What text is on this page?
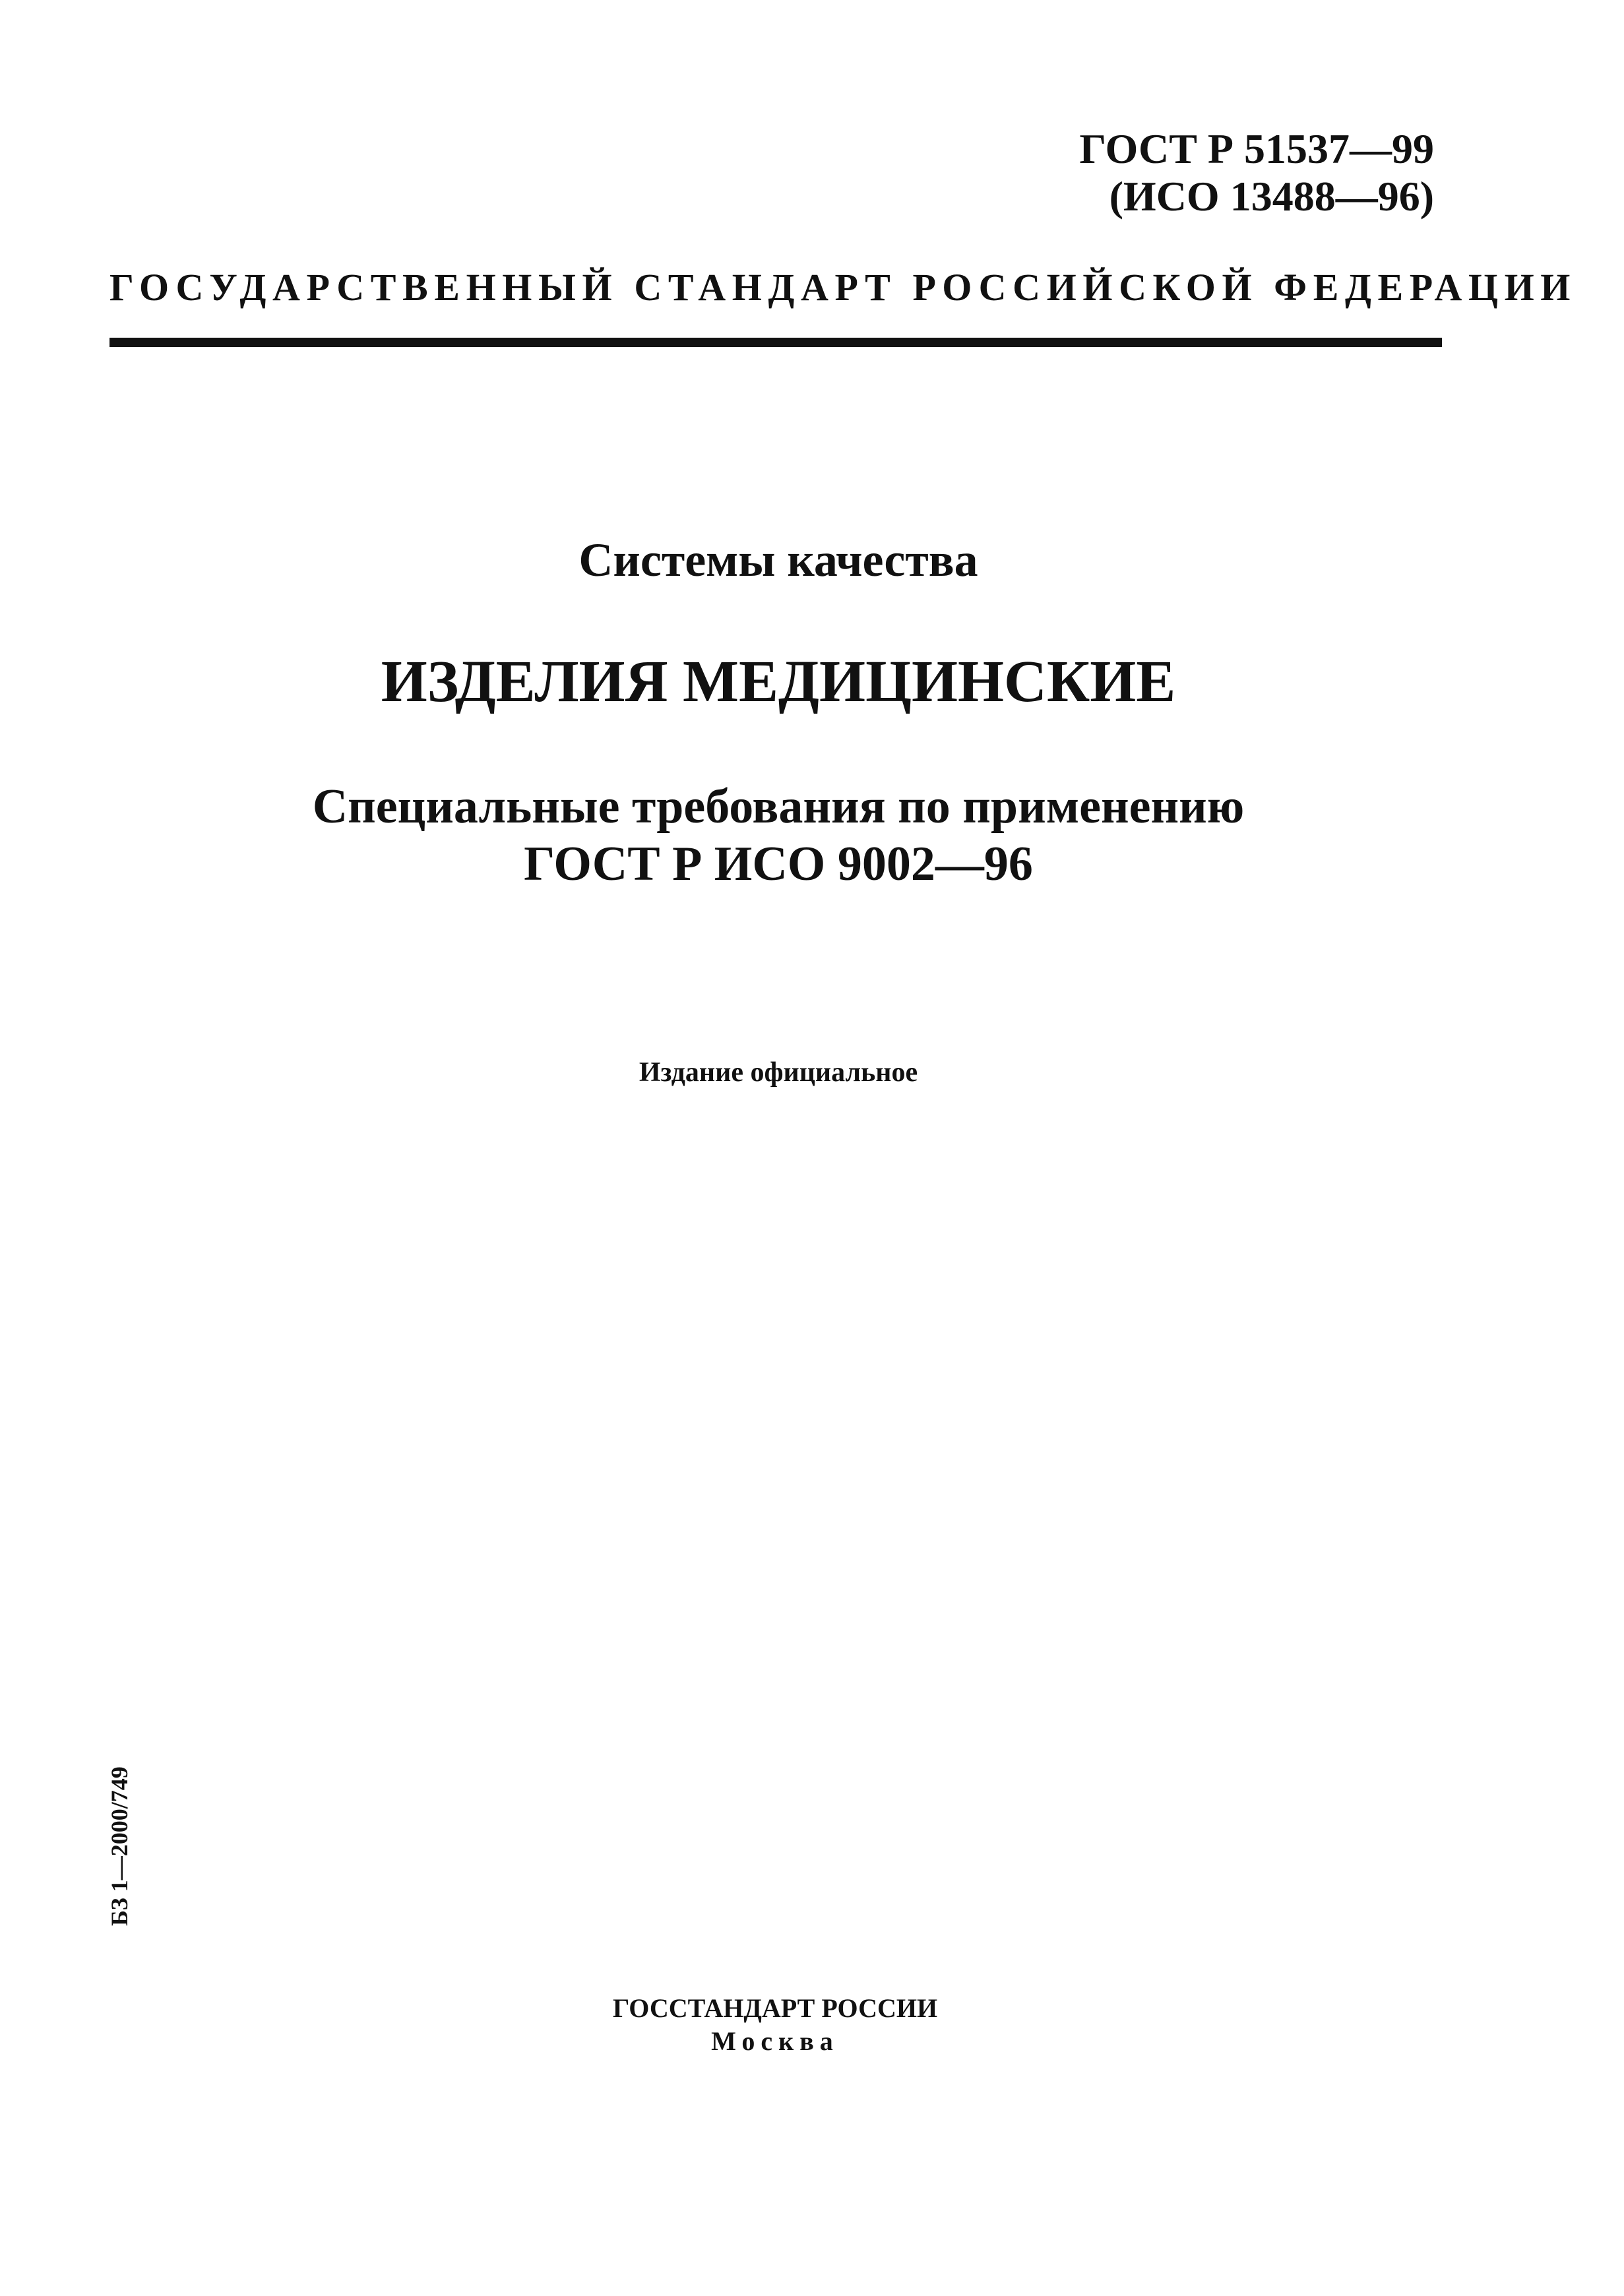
ГОСТ Р 51537—99
(ИСО 13488—96)
ГОСУДАРСТВЕННЫЙ СТАНДАРТ РОССИЙСКОЙ ФЕДЕРАЦИИ
Системы качества
ИЗДЕЛИЯ МЕДИЦИНСКИЕ
Специальные требования по применению
ГОСТ Р ИСО 9002—96
Издание официальное
БЗ 1—2000/749
ГОССТАНДАРТ РОССИИ
Москва
